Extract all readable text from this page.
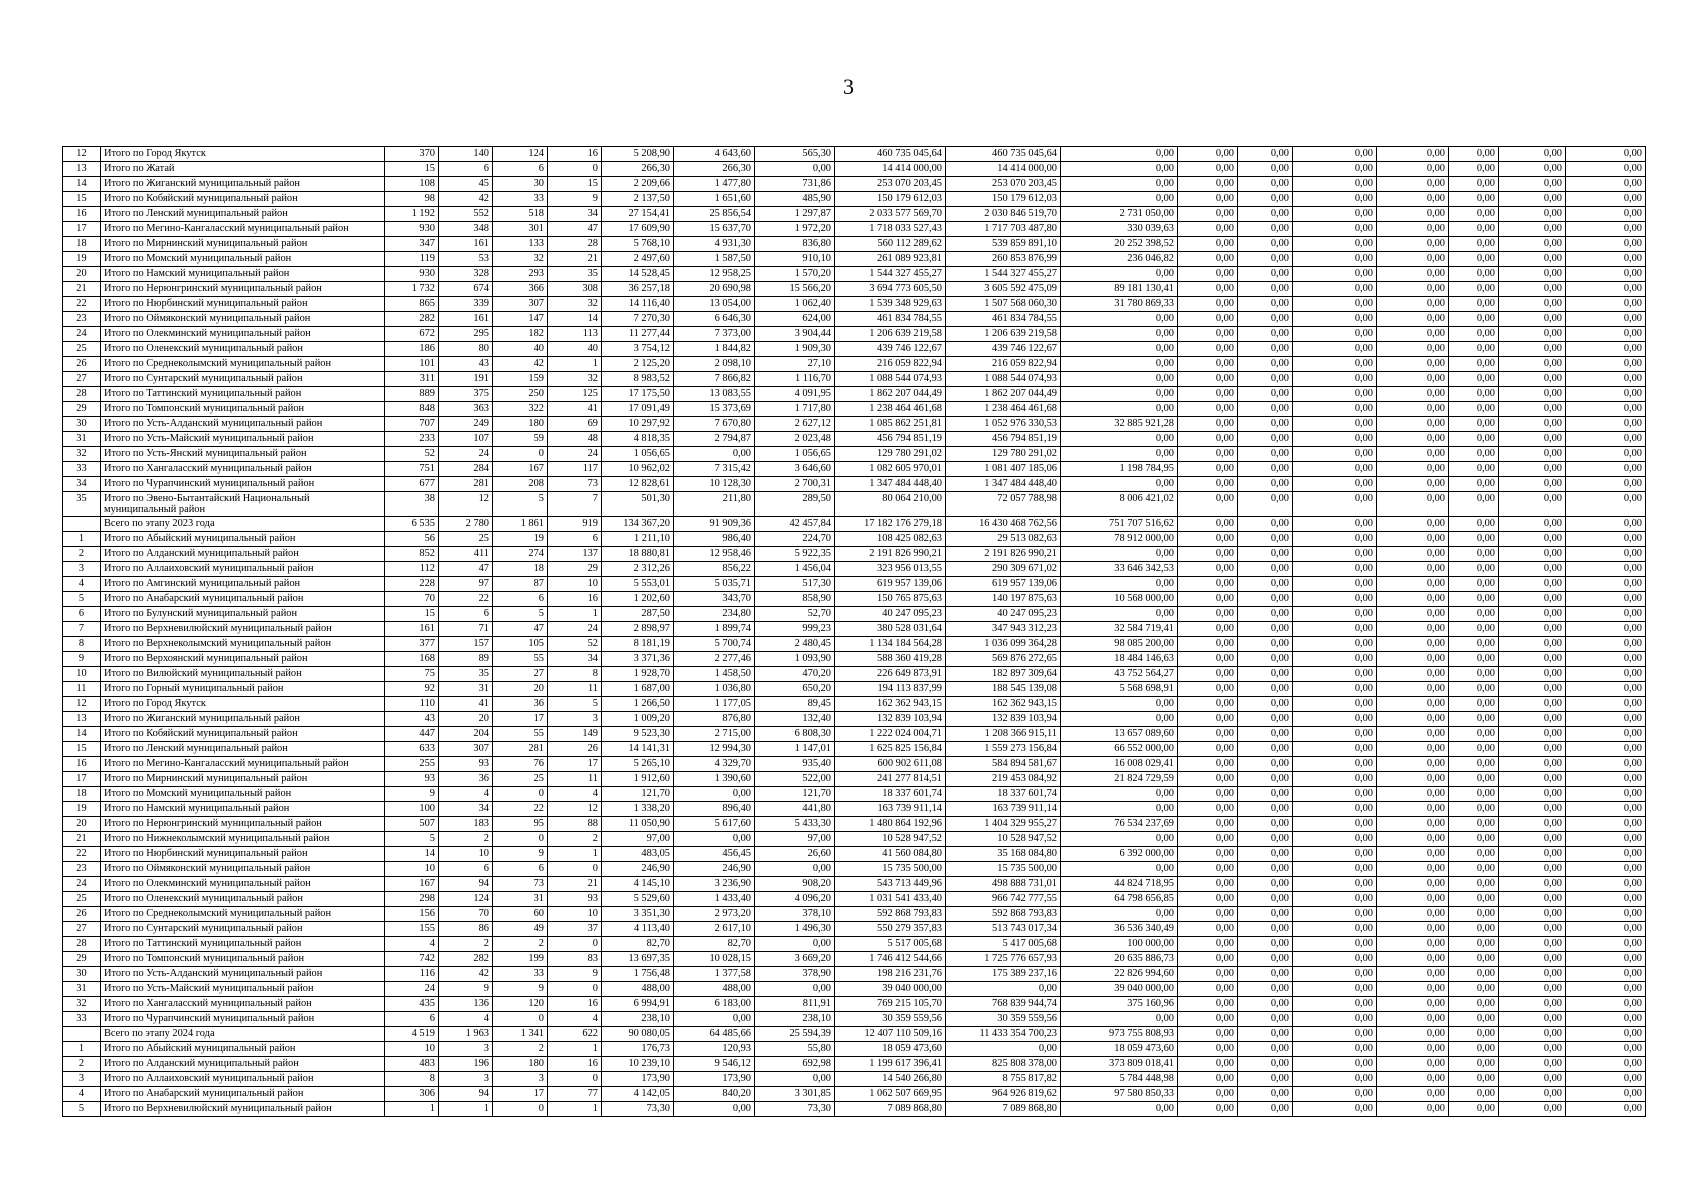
3
12	Итого по Город Якутск	370	140	124	16	5 208,90	4 643,60	565,30	460 735 045,64	460 735 045,64	0,00	0,00	0,00	0,00	0,00	0,00	0,00	0,00
13	Итого по Жатай	15	6	6	0	266,30	266,30	0,00	14 414 000,00	14 414 000,00	0,00	0,00	0,00	0,00	0,00	0,00	0,00	0,00
14	Итого по Жиганский муниципальный район	108	45	30	15	2 209,66	1 477,80	731,86	253 070 203,45	253 070 203,45	0,00	0,00	0,00	0,00	0,00	0,00	0,00	0,00
15	Итого по Кобяйский муниципальный район	98	42	33	9	2 137,50	1 651,60	485,90	150 179 612,03	150 179 612,03	0,00	0,00	0,00	0,00	0,00	0,00	0,00	0,00
16	Итого по Ленский муниципальный район	1 192	552	518	34	27 154,41	25 856,54	1 297,87	2 033 577 569,70	2 030 846 519,70	2 731 050,00	0,00	0,00	0,00	0,00	0,00	0,00	0,00
17	Итого по Мегино-Кангаласский муниципальный район	930	348	301	47	17 609,90	15 637,70	1 972,20	1 718 033 527,43	1 717 703 487,80	330 039,63	0,00	0,00	0,00	0,00	0,00	0,00	0,00
18	Итого по Мирнинский муниципальный район	347	161	133	28	5 768,10	4 931,30	836,80	560 112 289,62	539 859 891,10	20 252 398,52	0,00	0,00	0,00	0,00	0,00	0,00	0,00
19	Итого по Момский муниципальный район	119	53	32	21	2 497,60	1 587,50	910,10	261 089 923,81	260 853 876,99	236 046,82	0,00	0,00	0,00	0,00	0,00	0,00	0,00
20	Итого по Намский муниципальный район	930	328	293	35	14 528,45	12 958,25	1 570,20	1 544 327 455,27	1 544 327 455,27	0,00	0,00	0,00	0,00	0,00	0,00	0,00	0,00
21	Итого по Нерюнгринский муниципальный район	1 732	674	366	308	36 257,18	20 690,98	15 566,20	3 694 773 605,50	3 605 592 475,09	89 181 130,41	0,00	0,00	0,00	0,00	0,00	0,00	0,00
22	Итого по Нюрбинский муниципальный район	865	339	307	32	14 116,40	13 054,00	1 062,40	1 539 348 929,63	1 507 568 060,30	31 780 869,33	0,00	0,00	0,00	0,00	0,00	0,00	0,00
23	Итого по Оймяконский муниципальный район	282	161	147	14	7 270,30	6 646,30	624,00	461 834 784,55	461 834 784,55	0,00	0,00	0,00	0,00	0,00	0,00	0,00	0,00
24	Итого по Олекминский муниципальный район	672	295	182	113	11 277,44	7 373,00	3 904,44	1 206 639 219,58	1 206 639 219,58	0,00	0,00	0,00	0,00	0,00	0,00	0,00	0,00
25	Итого по Оленекский муниципальный район	186	80	40	40	3 754,12	1 844,82	1 909,30	439 746 122,67	439 746 122,67	0,00	0,00	0,00	0,00	0,00	0,00	0,00	0,00
26	Итого по Среднеколымский муниципальный район	101	43	42	1	2 125,20	2 098,10	27,10	216 059 822,94	216 059 822,94	0,00	0,00	0,00	0,00	0,00	0,00	0,00	0,00
27	Итого по Сунтарский муниципальный район	311	191	159	32	8 983,52	7 866,82	1 116,70	1 088 544 074,93	1 088 544 074,93	0,00	0,00	0,00	0,00	0,00	0,00	0,00	0,00
28	Итого по Таттинский муниципальный район	889	375	250	125	17 175,50	13 083,55	4 091,95	1 862 207 044,49	1 862 207 044,49	0,00	0,00	0,00	0,00	0,00	0,00	0,00	0,00
29	Итого по Томпонский муниципальный район	848	363	322	41	17 091,49	15 373,69	1 717,80	1 238 464 461,68	1 238 464 461,68	0,00	0,00	0,00	0,00	0,00	0,00	0,00	0,00
30	Итого по Усть-Алданский муниципальный район	707	249	180	69	10 297,92	7 670,80	2 627,12	1 085 862 251,81	1 052 976 330,53	32 885 921,28	0,00	0,00	0,00	0,00	0,00	0,00	0,00
31	Итого по Усть-Майский муниципальный район	233	107	59	48	4 818,35	2 794,87	2 023,48	456 794 851,19	456 794 851,19	0,00	0,00	0,00	0,00	0,00	0,00	0,00	0,00
32	Итого по Усть-Янский муниципальный район	52	24	0	24	1 056,65	0,00	1 056,65	129 780 291,02	129 780 291,02	0,00	0,00	0,00	0,00	0,00	0,00	0,00	0,00
33	Итого по Хангаласский муниципальный район	751	284	167	117	10 962,02	7 315,42	3 646,60	1 082 605 970,01	1 081 407 185,06	1 198 784,95	0,00	0,00	0,00	0,00	0,00	0,00	0,00
34	Итого по Чурапчинский муниципальный район	677	281	208	73	12 828,61	10 128,30	2 700,31	1 347 484 448,40	1 347 484 448,40	0,00	0,00	0,00	0,00	0,00	0,00	0,00	0,00
35	Итого по Эвено-Бытантайский Национальный муниципальный район	38	12	5	7	501,30	211,80	289,50	80 064 210,00	72 057 788,98	8 006 421,02	0,00	0,00	0,00	0,00	0,00	0,00	0,00
	Всего по этапу 2023 года	6 535	2 780	1 861	919	134 367,20	91 909,36	42 457,84	17 182 176 279,18	16 430 468 762,56	751 707 516,62	0,00	0,00	0,00	0,00	0,00	0,00	0,00
1	Итого по Абыйский муниципальный район	56	25	19	6	1 211,10	986,40	224,70	108 425 082,63	29 513 082,63	78 912 000,00	0,00	0,00	0,00	0,00	0,00	0,00	0,00
2	Итого по Алданский муниципальный район	852	411	274	137	18 880,81	12 958,46	5 922,35	2 191 826 990,21	2 191 826 990,21	0,00	0,00	0,00	0,00	0,00	0,00	0,00	0,00
3	Итого по Аллаиховский муниципальный район	112	47	18	29	2 312,26	856,22	1 456,04	323 956 013,55	290 309 671,02	33 646 342,53	0,00	0,00	0,00	0,00	0,00	0,00	0,00
4	Итого по Амгинский муниципальный район	228	97	87	10	5 553,01	5 035,71	517,30	619 957 139,06	619 957 139,06	0,00	0,00	0,00	0,00	0,00	0,00	0,00	0,00
5	Итого по Анабарский муниципальный район	70	22	6	16	1 202,60	343,70	858,90	150 765 875,63	140 197 875,63	10 568 000,00	0,00	0,00	0,00	0,00	0,00	0,00	0,00
6	Итого по Булунский муниципальный район	15	6	5	1	287,50	234,80	52,70	40 247 095,23	40 247 095,23	0,00	0,00	0,00	0,00	0,00	0,00	0,00	0,00
7	Итого по Верхневилюйский муниципальный район	161	71	47	24	2 898,97	1 899,74	999,23	380 528 031,64	347 943 312,23	32 584 719,41	0,00	0,00	0,00	0,00	0,00	0,00	0,00
8	Итого по Верхнеколымский муниципальный район	377	157	105	52	8 181,19	5 700,74	2 480,45	1 134 184 564,28	1 036 099 364,28	98 085 200,00	0,00	0,00	0,00	0,00	0,00	0,00	0,00
9	Итого по Верхоянский муниципальный район	168	89	55	34	3 371,36	2 277,46	1 093,90	588 360 419,28	569 876 272,65	18 484 146,63	0,00	0,00	0,00	0,00	0,00	0,00	0,00
10	Итого по Вилюйский муниципальный район	75	35	27	8	1 928,70	1 458,50	470,20	226 649 873,91	182 897 309,64	43 752 564,27	0,00	0,00	0,00	0,00	0,00	0,00	0,00
11	Итого по Горный муниципальный район	92	31	20	11	1 687,00	1 036,80	650,20	194 113 837,99	188 545 139,08	5 568 698,91	0,00	0,00	0,00	0,00	0,00	0,00	0,00
12	Итого по Город Якутск	110	41	36	5	1 266,50	1 177,05	89,45	162 362 943,15	162 362 943,15	0,00	0,00	0,00	0,00	0,00	0,00	0,00	0,00
13	Итого по Жиганский муниципальный район	43	20	17	3	1 009,20	876,80	132,40	132 839 103,94	132 839 103,94	0,00	0,00	0,00	0,00	0,00	0,00	0,00	0,00
14	Итого по Кобяйский муниципальный район	447	204	55	149	9 523,30	2 715,00	6 808,30	1 222 024 004,71	1 208 366 915,11	13 657 089,60	0,00	0,00	0,00	0,00	0,00	0,00	0,00
15	Итого по Ленский муниципальный район	633	307	281	26	14 141,31	12 994,30	1 147,01	1 625 825 156,84	1 559 273 156,84	66 552 000,00	0,00	0,00	0,00	0,00	0,00	0,00	0,00
16	Итого по Мегино-Кангаласский муниципальный район	255	93	76	17	5 265,10	4 329,70	935,40	600 902 611,08	584 894 581,67	16 008 029,41	0,00	0,00	0,00	0,00	0,00	0,00	0,00
17	Итого по Мирнинский муниципальный район	93	36	25	11	1 912,60	1 390,60	522,00	241 277 814,51	219 453 084,92	21 824 729,59	0,00	0,00	0,00	0,00	0,00	0,00	0,00
18	Итого по Момский муниципальный район	9	4	0	4	121,70	0,00	121,70	18 337 601,74	18 337 601,74	0,00	0,00	0,00	0,00	0,00	0,00	0,00	0,00
19	Итого по Намский муниципальный район	100	34	22	12	1 338,20	896,40	441,80	163 739 911,14	163 739 911,14	0,00	0,00	0,00	0,00	0,00	0,00	0,00	0,00
20	Итого по Нерюнгринский муниципальный район	507	183	95	88	11 050,90	5 617,60	5 433,30	1 480 864 192,96	1 404 329 955,27	76 534 237,69	0,00	0,00	0,00	0,00	0,00	0,00	0,00
21	Итого по Нижнеколымский муниципальный район	5	2	0	2	97,00	0,00	97,00	10 528 947,52	10 528 947,52	0,00	0,00	0,00	0,00	0,00	0,00	0,00	0,00
22	Итого по Нюрбинский муниципальный район	14	10	9	1	483,05	456,45	26,60	41 560 084,80	35 168 084,80	6 392 000,00	0,00	0,00	0,00	0,00	0,00	0,00	0,00
23	Итого по Оймяконский муниципальный район	10	6	6	0	246,90	246,90	0,00	15 735 500,00	15 735 500,00	0,00	0,00	0,00	0,00	0,00	0,00	0,00	0,00
24	Итого по Олекминский муниципальный район	167	94	73	21	4 145,10	3 236,90	908,20	543 713 449,96	498 888 731,01	44 824 718,95	0,00	0,00	0,00	0,00	0,00	0,00	0,00
25	Итого по Оленекский муниципальный район	298	124	31	93	5 529,60	1 433,40	4 096,20	1 031 541 433,40	966 742 777,55	64 798 656,85	0,00	0,00	0,00	0,00	0,00	0,00	0,00
26	Итого по Среднеколымский муниципальный район	156	70	60	10	3 351,30	2 973,20	378,10	592 868 793,83	592 868 793,83	0,00	0,00	0,00	0,00	0,00	0,00	0,00	0,00
27	Итого по Сунтарский муниципальный район	155	86	49	37	4 113,40	2 617,10	1 496,30	550 279 357,83	513 743 017,34	36 536 340,49	0,00	0,00	0,00	0,00	0,00	0,00	0,00
28	Итого по Таттинский муниципальный район	4	2	2	0	82,70	82,70	0,00	5 517 005,68	5 417 005,68	100 000,00	0,00	0,00	0,00	0,00	0,00	0,00	0,00
29	Итого по Томпонский муниципальный район	742	282	199	83	13 697,35	10 028,15	3 669,20	1 746 412 544,66	1 725 776 657,93	20 635 886,73	0,00	0,00	0,00	0,00	0,00	0,00	0,00
30	Итого по Усть-Алданский муниципальный район	116	42	33	9	1 756,48	1 377,58	378,90	198 216 231,76	175 389 237,16	22 826 994,60	0,00	0,00	0,00	0,00	0,00	0,00	0,00
31	Итого по Усть-Майский муниципальный район	24	9	9	0	488,00	488,00	0,00	39 040 000,00	0,00	39 040 000,00	0,00	0,00	0,00	0,00	0,00	0,00	0,00
32	Итого по Хангаласский муниципальный район	435	136	120	16	6 994,91	6 183,00	811,91	769 215 105,70	768 839 944,74	375 160,96	0,00	0,00	0,00	0,00	0,00	0,00	0,00
33	Итого по Чурапчинский муниципальный район	6	4	0	4	238,10	0,00	238,10	30 359 559,56	30 359 559,56	0,00	0,00	0,00	0,00	0,00	0,00	0,00	0,00
	Всего по этапу 2024 года	4 519	1 963	1 341	622	90 080,05	64 485,66	25 594,39	12 407 110 509,16	11 433 354 700,23	973 755 808,93	0,00	0,00	0,00	0,00	0,00	0,00	0,00
1	Итого по Абыйский муниципальный район	10	3	2	1	176,73	120,93	55,80	18 059 473,60	0,00	18 059 473,60	0,00	0,00	0,00	0,00	0,00	0,00	0,00
2	Итого по Алданский муниципальный район	483	196	180	16	10 239,10	9 546,12	692,98	1 199 617 396,41	825 808 378,00	373 809 018,41	0,00	0,00	0,00	0,00	0,00	0,00	0,00
3	Итого по Аллаиховский муниципальный район	8	3	3	0	173,90	173,90	0,00	14 540 266,80	8 755 817,82	5 784 448,98	0,00	0,00	0,00	0,00	0,00	0,00	0,00
4	Итого по Анабарский муниципальный район	306	94	17	77	4 142,05	840,20	3 301,85	1 062 507 669,95	964 926 819,62	97 580 850,33	0,00	0,00	0,00	0,00	0,00	0,00	0,00
5	Итого по Верхневилюйский муниципальный район	1	1	0	1	73,30	0,00	73,30	7 089 868,80	7 089 868,80	0,00	0,00	0,00	0,00	0,00	0,00	0,00	0,00
